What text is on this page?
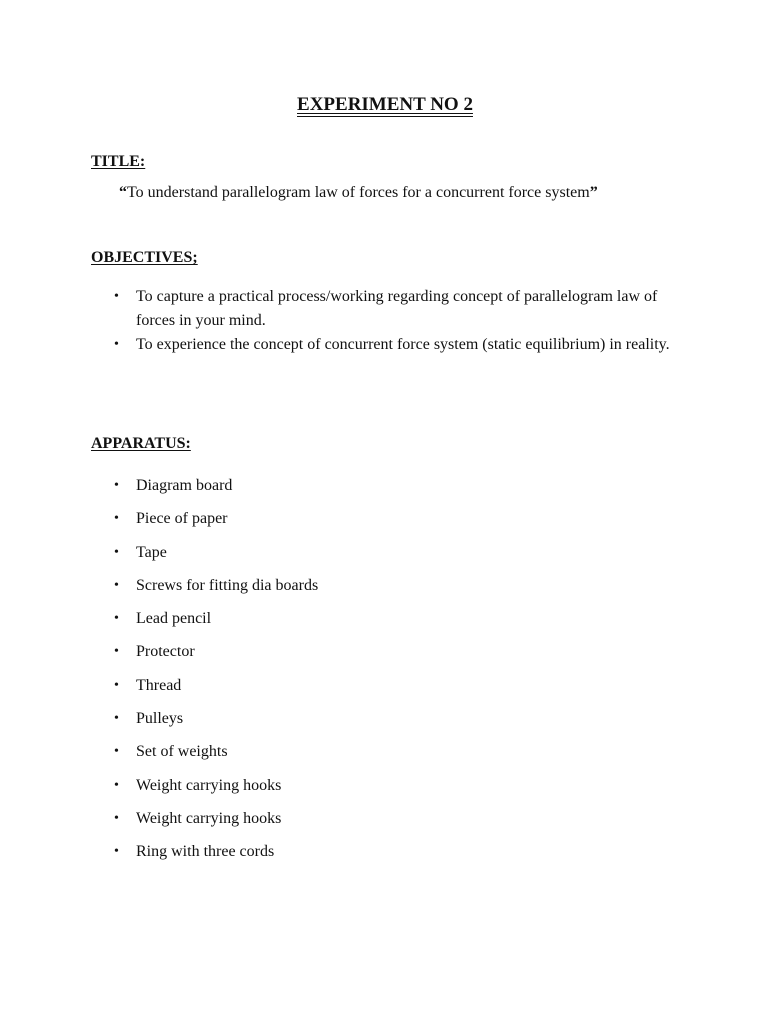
EXPERIMENT NO 2
TITLE:
“To understand parallelogram law of forces for a concurrent force system”
OBJECTIVES;
• To capture a practical process/working regarding concept of parallelogram law of forces in your mind.
• To experience the concept of concurrent force system (static equilibrium) in reality.
APPARATUS:
• Diagram board
• Piece of paper
• Tape
• Screws for fitting dia boards
• Lead pencil
• Protector
• Thread
• Pulleys
• Set of weights
• Weight carrying hooks
• Weight carrying hooks
• Ring with three cords
